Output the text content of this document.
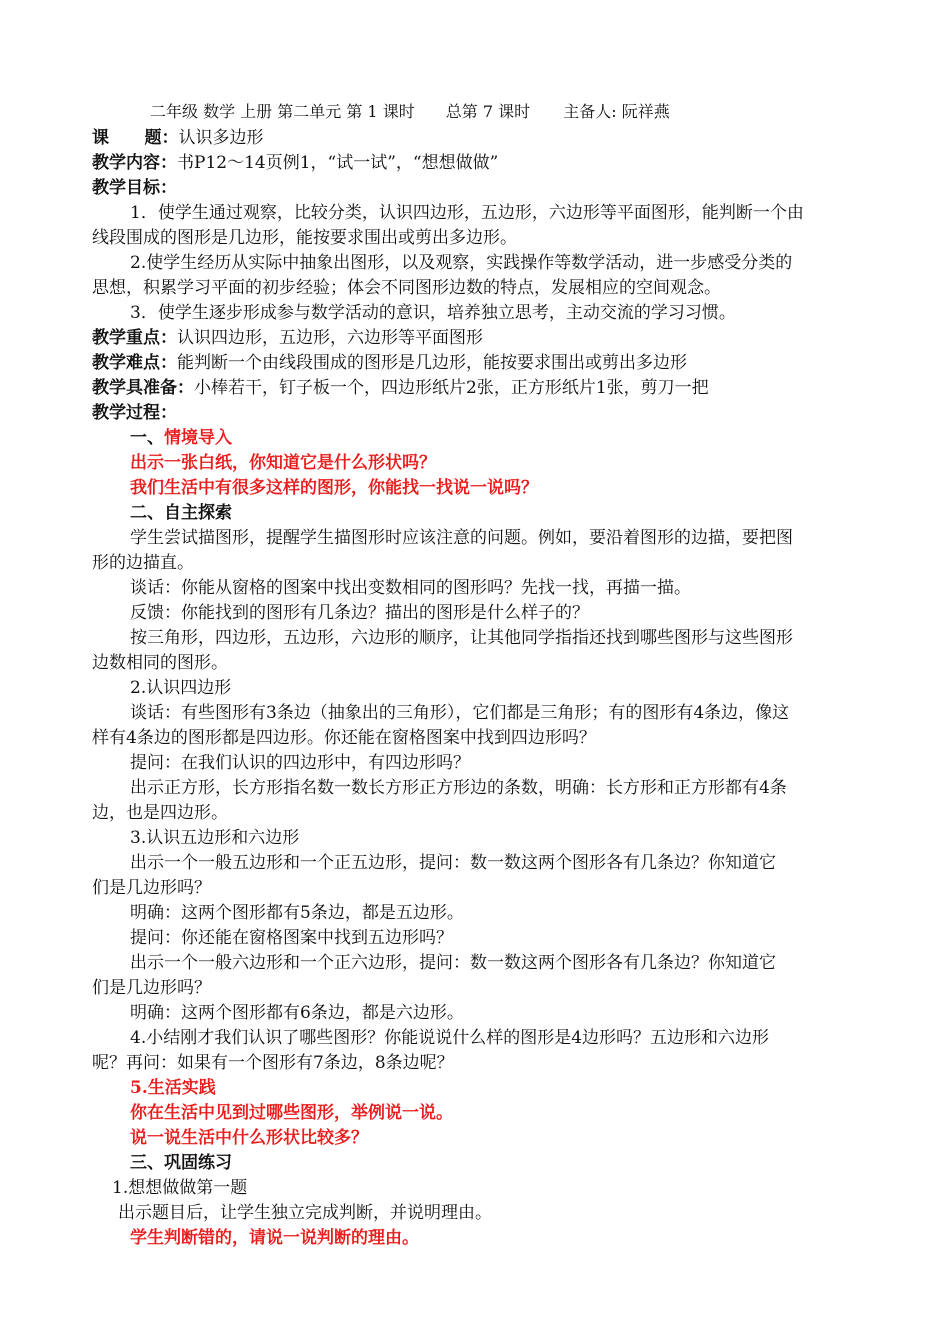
二年级 数学 上册 第二单元 第 1 课时 总第 7 课时 主备人: 阮祥燕
课      题：认识多边形
教学内容：书P12～14页例1，“试一试”，“想想做做”
教学目标：
1．使学生通过观察，比较分类，认识四边形，五边形，六边形等平面图形，能判断一个由
线段围成的图形是几边形，能按要求围出或剪出多边形。
2.使学生经历从实际中抽象出图形，以及观察，实践操作等数学活动，进一步感受分类的
思想，积累学习平面的初步经验；体会不同图形边数的特点，发展相应的空间观念。
3．使学生逐步形成参与数学活动的意识，培养独立思考，主动交流的学习习惯。
教学重点：认识四边形，五边形，六边形等平面图形
教学难点：能判断一个由线段围成的图形是几边形，能按要求围出或剪出多边形
教学具准备：小棒若干，钉子板一个，四边形纸片2张，正方形纸片1张，剪刀一把
教学过程：
一、情境导入
出示一张白纸，你知道它是什么形状吗？
我们生活中有很多这样的图形，你能找一找说一说吗？
二、自主探索
学生尝试描图形，提醒学生描图形时应该注意的问题。例如，要沿着图形的边描，要把图
形的边描直。
谈话：你能从窗格的图案中找出变数相同的图形吗？先找一找，再描一描。
反馈：你能找到的图形有几条边？描出的图形是什么样子的？
按三角形，四边形，五边形，六边形的顺序，让其他同学指指还找到哪些图形与这些图形
边数相同的图形。
2.认识四边形
谈话：有些图形有3条边（抽象出的三角形），它们都是三角形；有的图形有4条边，像这
样有4条边的图形都是四边形。你还能在窗格图案中找到四边形吗？
提问：在我们认识的四边形中，有四边形吗？
出示正方形，长方形指名数一数长方形正方形边的条数，明确：长方形和正方形都有4条
边，也是四边形。
3.认识五边形和六边形
出示一个一般五边形和一个正五边形，提问：数一数这两个图形各有几条边？你知道它
们是几边形吗？
明确：这两个图形都有5条边，都是五边形。
提问：你还能在窗格图案中找到五边形吗？
出示一个一般六边形和一个正六边形，提问：数一数这两个图形各有几条边？你知道它
们是几边形吗？
明确：这两个图形都有6条边，都是六边形。
4.小结刚才我们认识了哪些图形？你能说说什么样的图形是4边形吗？五边形和六边形
呢？再问：如果有一个图形有7条边，8条边呢？
5.生活实践
你在生活中见到过哪些图形，举例说一说。
说一说生活中什么形状比较多？
三、巩固练习
1.想想做做第一题
出示题目后，让学生独立完成判断，并说明理由。
学生判断错的，请说一说判断的理由。
